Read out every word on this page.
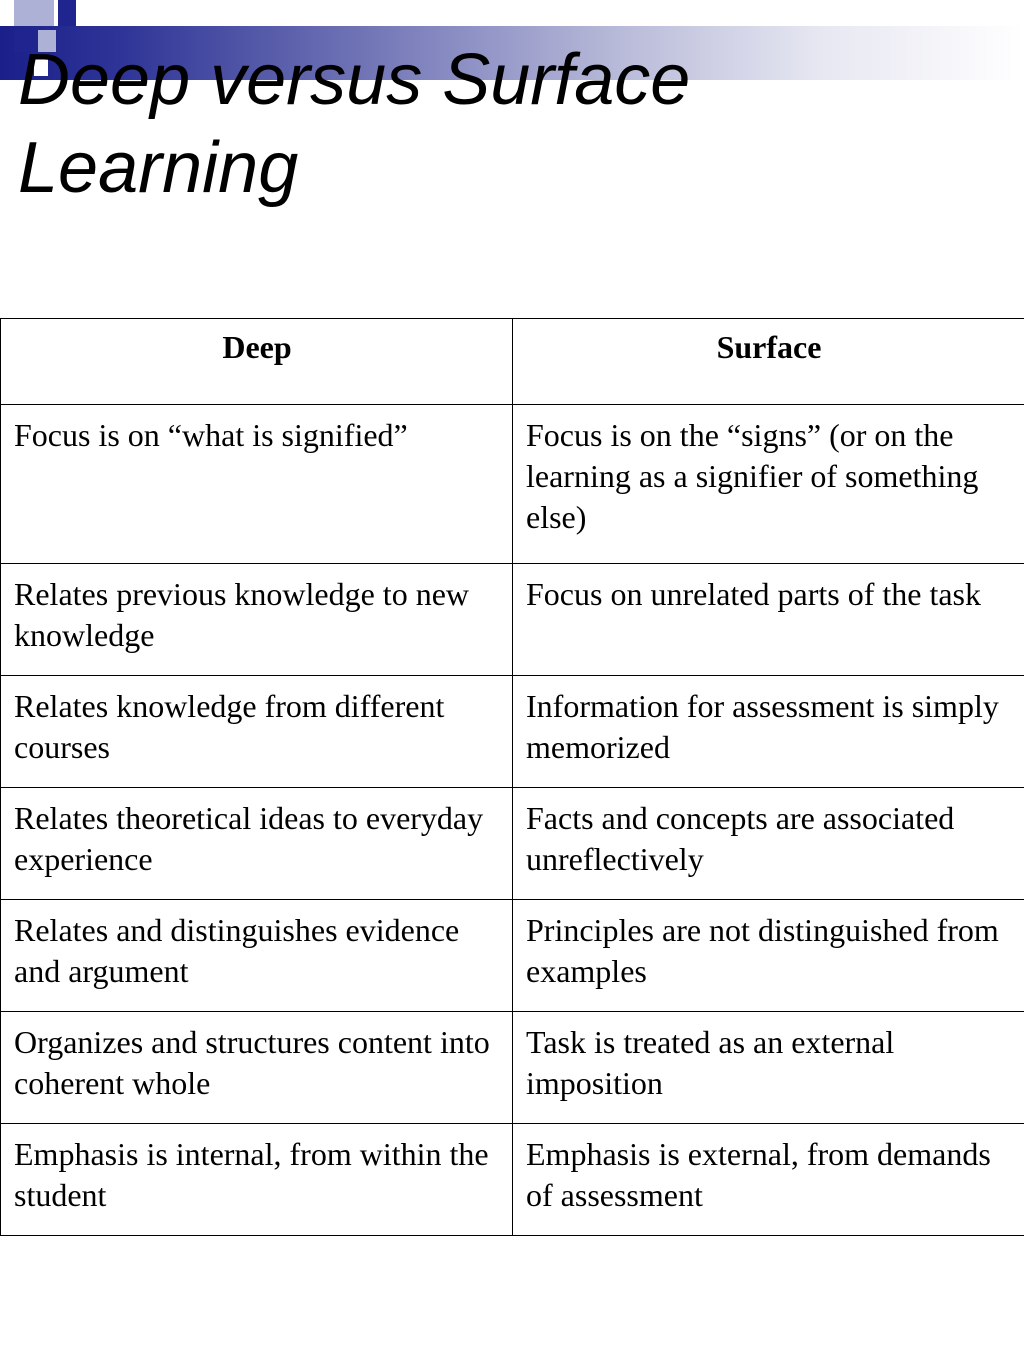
Deep versus Surface Learning
Deep	Surface
Focus is on “what is signified”	Focus is on the “signs” (or on the learning as a signifier of something else)
Relates previous knowledge to new knowledge	Focus on unrelated parts of the task
Relates knowledge from different courses	Information for assessment is simply memorized
Relates theoretical ideas to everyday experience	Facts and concepts are associated unreflectively
Relates and distinguishes evidence and argument	Principles are not distinguished from examples
Organizes and structures content into coherent whole	Task is treated as an external imposition
Emphasis is internal, from within the student	Emphasis is external, from demands of assessment
